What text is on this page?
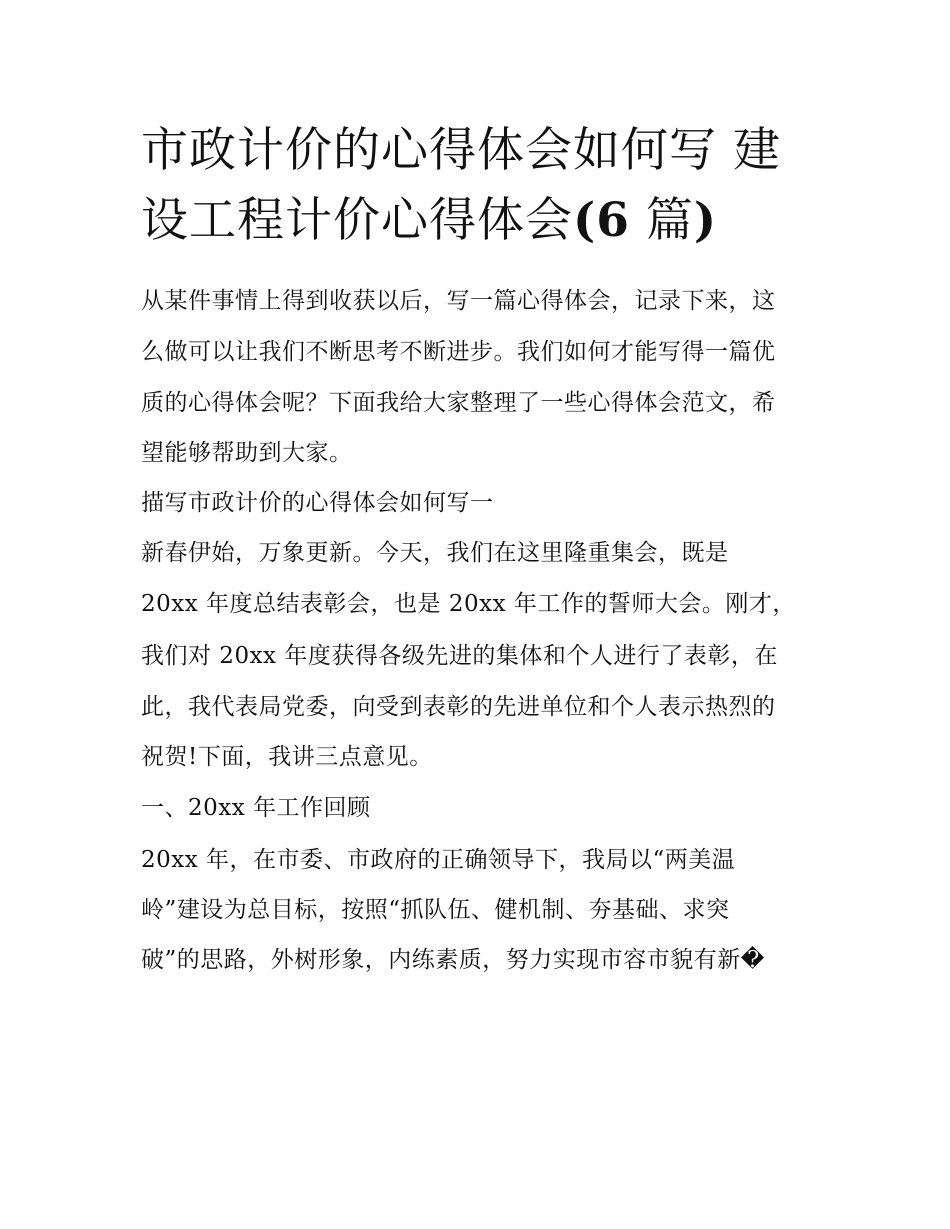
市政计价的心得体会如何写 建
设工程计价心得体会(6 篇)

从某件事情上得到收获以后，写一篇心得体会，记录下来，这

么做可以让我们不断思考不断进步。我们如何才能写得一篇优

质的心得体会呢？下面我给大家整理了一些心得体会范文，希

望能够帮助到大家。

描写市政计价的心得体会如何写一

新春伊始，万象更新。今天，我们在这里隆重集会，既是

20xx 年度总结表彰会，也是 20xx 年工作的誓师大会。刚才，

我们对 20xx 年度获得各级先进的集体和个人进行了表彰，在

此，我代表局党委，向受到表彰的先进单位和个人表示热烈的

祝贺!下面，我讲三点意见。

一、20xx 年工作回顾

20xx 年，在市委、市政府的正确领导下，我局以“两美温

岭”建设为总目标，按照“抓队伍、健机制、夯基础、求突

破”的思路，外树形象，内练素质，努力实现市容市貌有新�
